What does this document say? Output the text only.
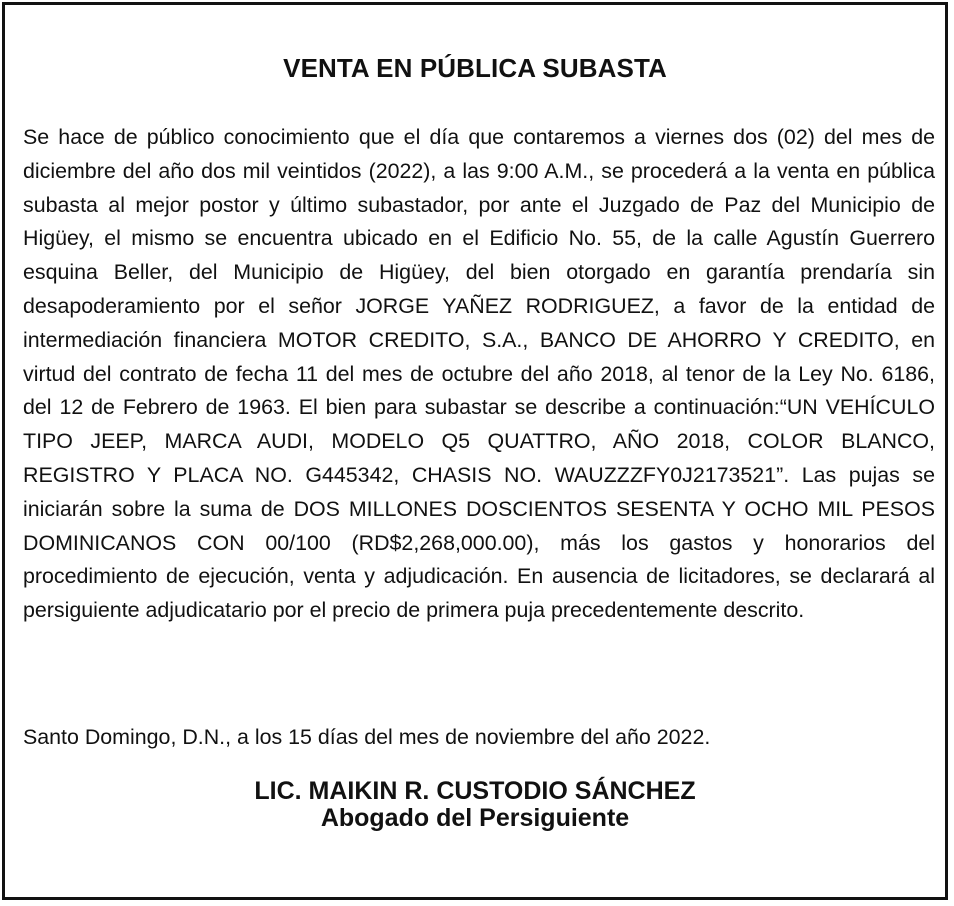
VENTA EN PÚBLICA SUBASTA

Se hace de público conocimiento que el día que contaremos a viernes dos (02) del mes de diciembre del año dos mil veintidos (2022), a las 9:00 A.M., se procederá a la venta en pública subasta al mejor postor y último subastador, por ante el Juzgado de Paz del Municipio de Higüey, el mismo se encuentra ubicado en el Edificio No. 55, de la calle Agustín Guerrero esquina Beller, del Municipio de Higüey, del bien otorgado en garantía prendaría sin desapoderamiento por el señor JORGE YAÑEZ RODRIGUEZ, a favor de la entidad de intermediación financiera MOTOR CREDITO, S.A., BANCO DE AHORRO Y CREDITO, en virtud del contrato de fecha 11 del mes de octubre del año 2018, al tenor de la Ley No. 6186, del 12 de Febrero de 1963. El bien para subastar se describe a continuación:“UN VEHÍCULO TIPO JEEP, MARCA AUDI, MODELO Q5 QUATTRO, AÑO 2018, COLOR BLANCO, REGISTRO Y PLACA NO. G445342, CHASIS NO. WAUZZZFY0J2173521”. Las pujas se iniciarán sobre la suma de DOS MILLONES DOSCIENTOS SESENTA Y OCHO MIL PESOS DOMINICANOS CON 00/100 (RD$2,268,000.00), más los gastos y honorarios del procedimiento de ejecución, venta y adjudicación. En ausencia de licitadores, se declarará al persiguiente adjudicatario por el precio de primera puja precedentemente descrito.

Santo Domingo, D.N., a los 15 días del mes de noviembre del año 2022.

LIC. MAIKIN R. CUSTODIO SÁNCHEZ
Abogado del Persiguiente
